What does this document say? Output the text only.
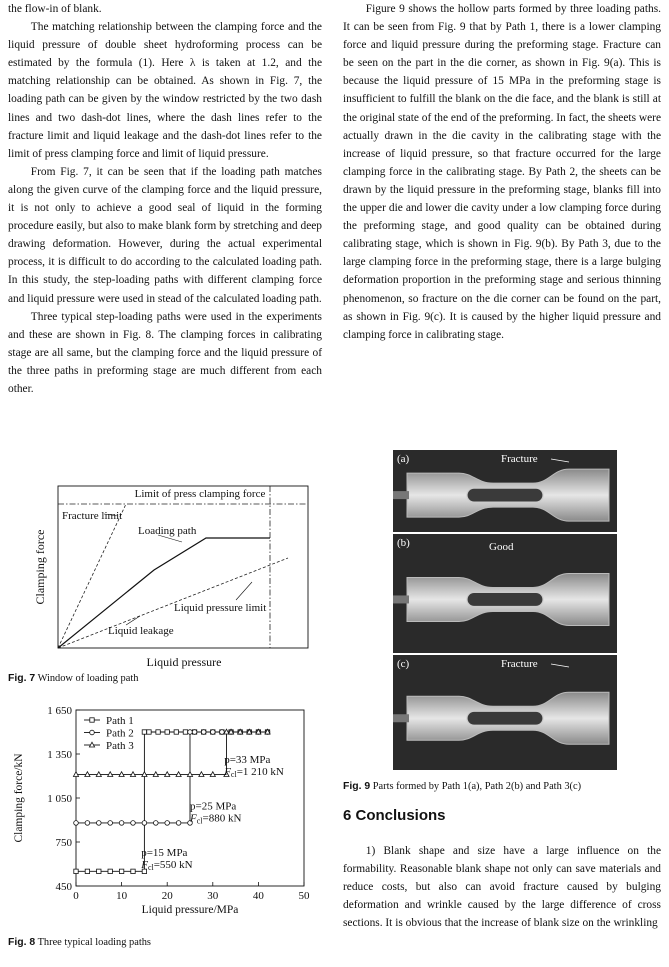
the flow-in of blank.

The matching relationship between the clamping force and the liquid pressure of double sheet hydroforming process can be estimated by the formula (1). Here λ is taken at 1.2, and the matching relationship can be obtained. As shown in Fig. 7, the loading path can be given by the window restricted by the two dash lines and two dash-dot lines, where the dash lines refer to the fracture limit and liquid leakage and the dash-dot lines refer to the limit of press clamping force and limit of liquid pressure.

From Fig. 7, it can be seen that if the loading path matches along the given curve of the clamping force and the liquid pressure, it is not only to achieve a good seal of liquid in the forming procedure easily, but also to make blank form by stretching and deep drawing deformation. However, during the actual experimental process, it is difficult to do according to the calculated loading path. In this study, the step-loading paths with different clamping force and liquid pressure were used in stead of the calculated loading path.

Three typical step-loading paths were used in the experiments and these are shown in Fig. 8. The clamping forces in calibrating stage are all same, but the clamping force and the liquid pressure of the three paths in preforming stage are much different from each other.

Limit of press clamping force
Fracture limit
Loading path
Liquid pressure limit
Liquid leakage
Clamping force
Liquid pressure
Fig. 7 Window of loading path
0	10	20	30	40	50
450
750
1 050
1 350
1 650
Path 1
Path 2
Path 3
p=33 MPa
Fcl=1 210 kN
p=25 MPa
Fcl=880 kN
p=15 MPa
Fcl=550 kN
Clamping force/kN
Liquid pressure/MPa
Fig. 8 Three typical loading paths

Figure 9 shows the hollow parts formed by three loading paths. It can be seen from Fig. 9 that by Path 1, there is a lower clamping force and liquid pressure during the preforming stage. Fracture can be seen on the part in the die corner, as shown in Fig. 9(a). This is because the liquid pressure of 15 MPa in the preforming stage is insufficient to fulfill the blank on the die face, and the blank is still at the original state of the end of the preforming. In fact, the sheets were actually drawn in the die cavity in the calibrating stage with the increase of liquid pressure, so that fracture occurred for the large clamping force in the calibrating stage. By Path 2, the sheets can be drawn by the liquid pressure in the preforming stage, blanks fill into the upper die and lower die cavity under a low clamping force during the preforming stage, and good quality can be obtained during calibrating stage, which is shown in Fig. 9(b). By Path 3, due to the large clamping force in the preforming stage, there is a large bulging deformation proportion in the preforming stage and serious thinning phenomenon, so fracture on the die corner can be found on the part, as shown in Fig. 9(c). It is caused by the higher liquid pressure and clamping force in calibrating stage.

(a)	Fracture
(b)	Good
(c)	Fracture
Fig. 9 Parts formed by Path 1(a), Path 2(b) and Path 3(c)
6 Conclusions

1) Blank shape and size have a large influence on the formability. Reasonable blank shape not only can save materials and reduce costs, but also can avoid fracture caused by bulging deformation and wrinkle caused by the large difference of cross sections. It is obvious that the increase of blank size on the wrinkling
